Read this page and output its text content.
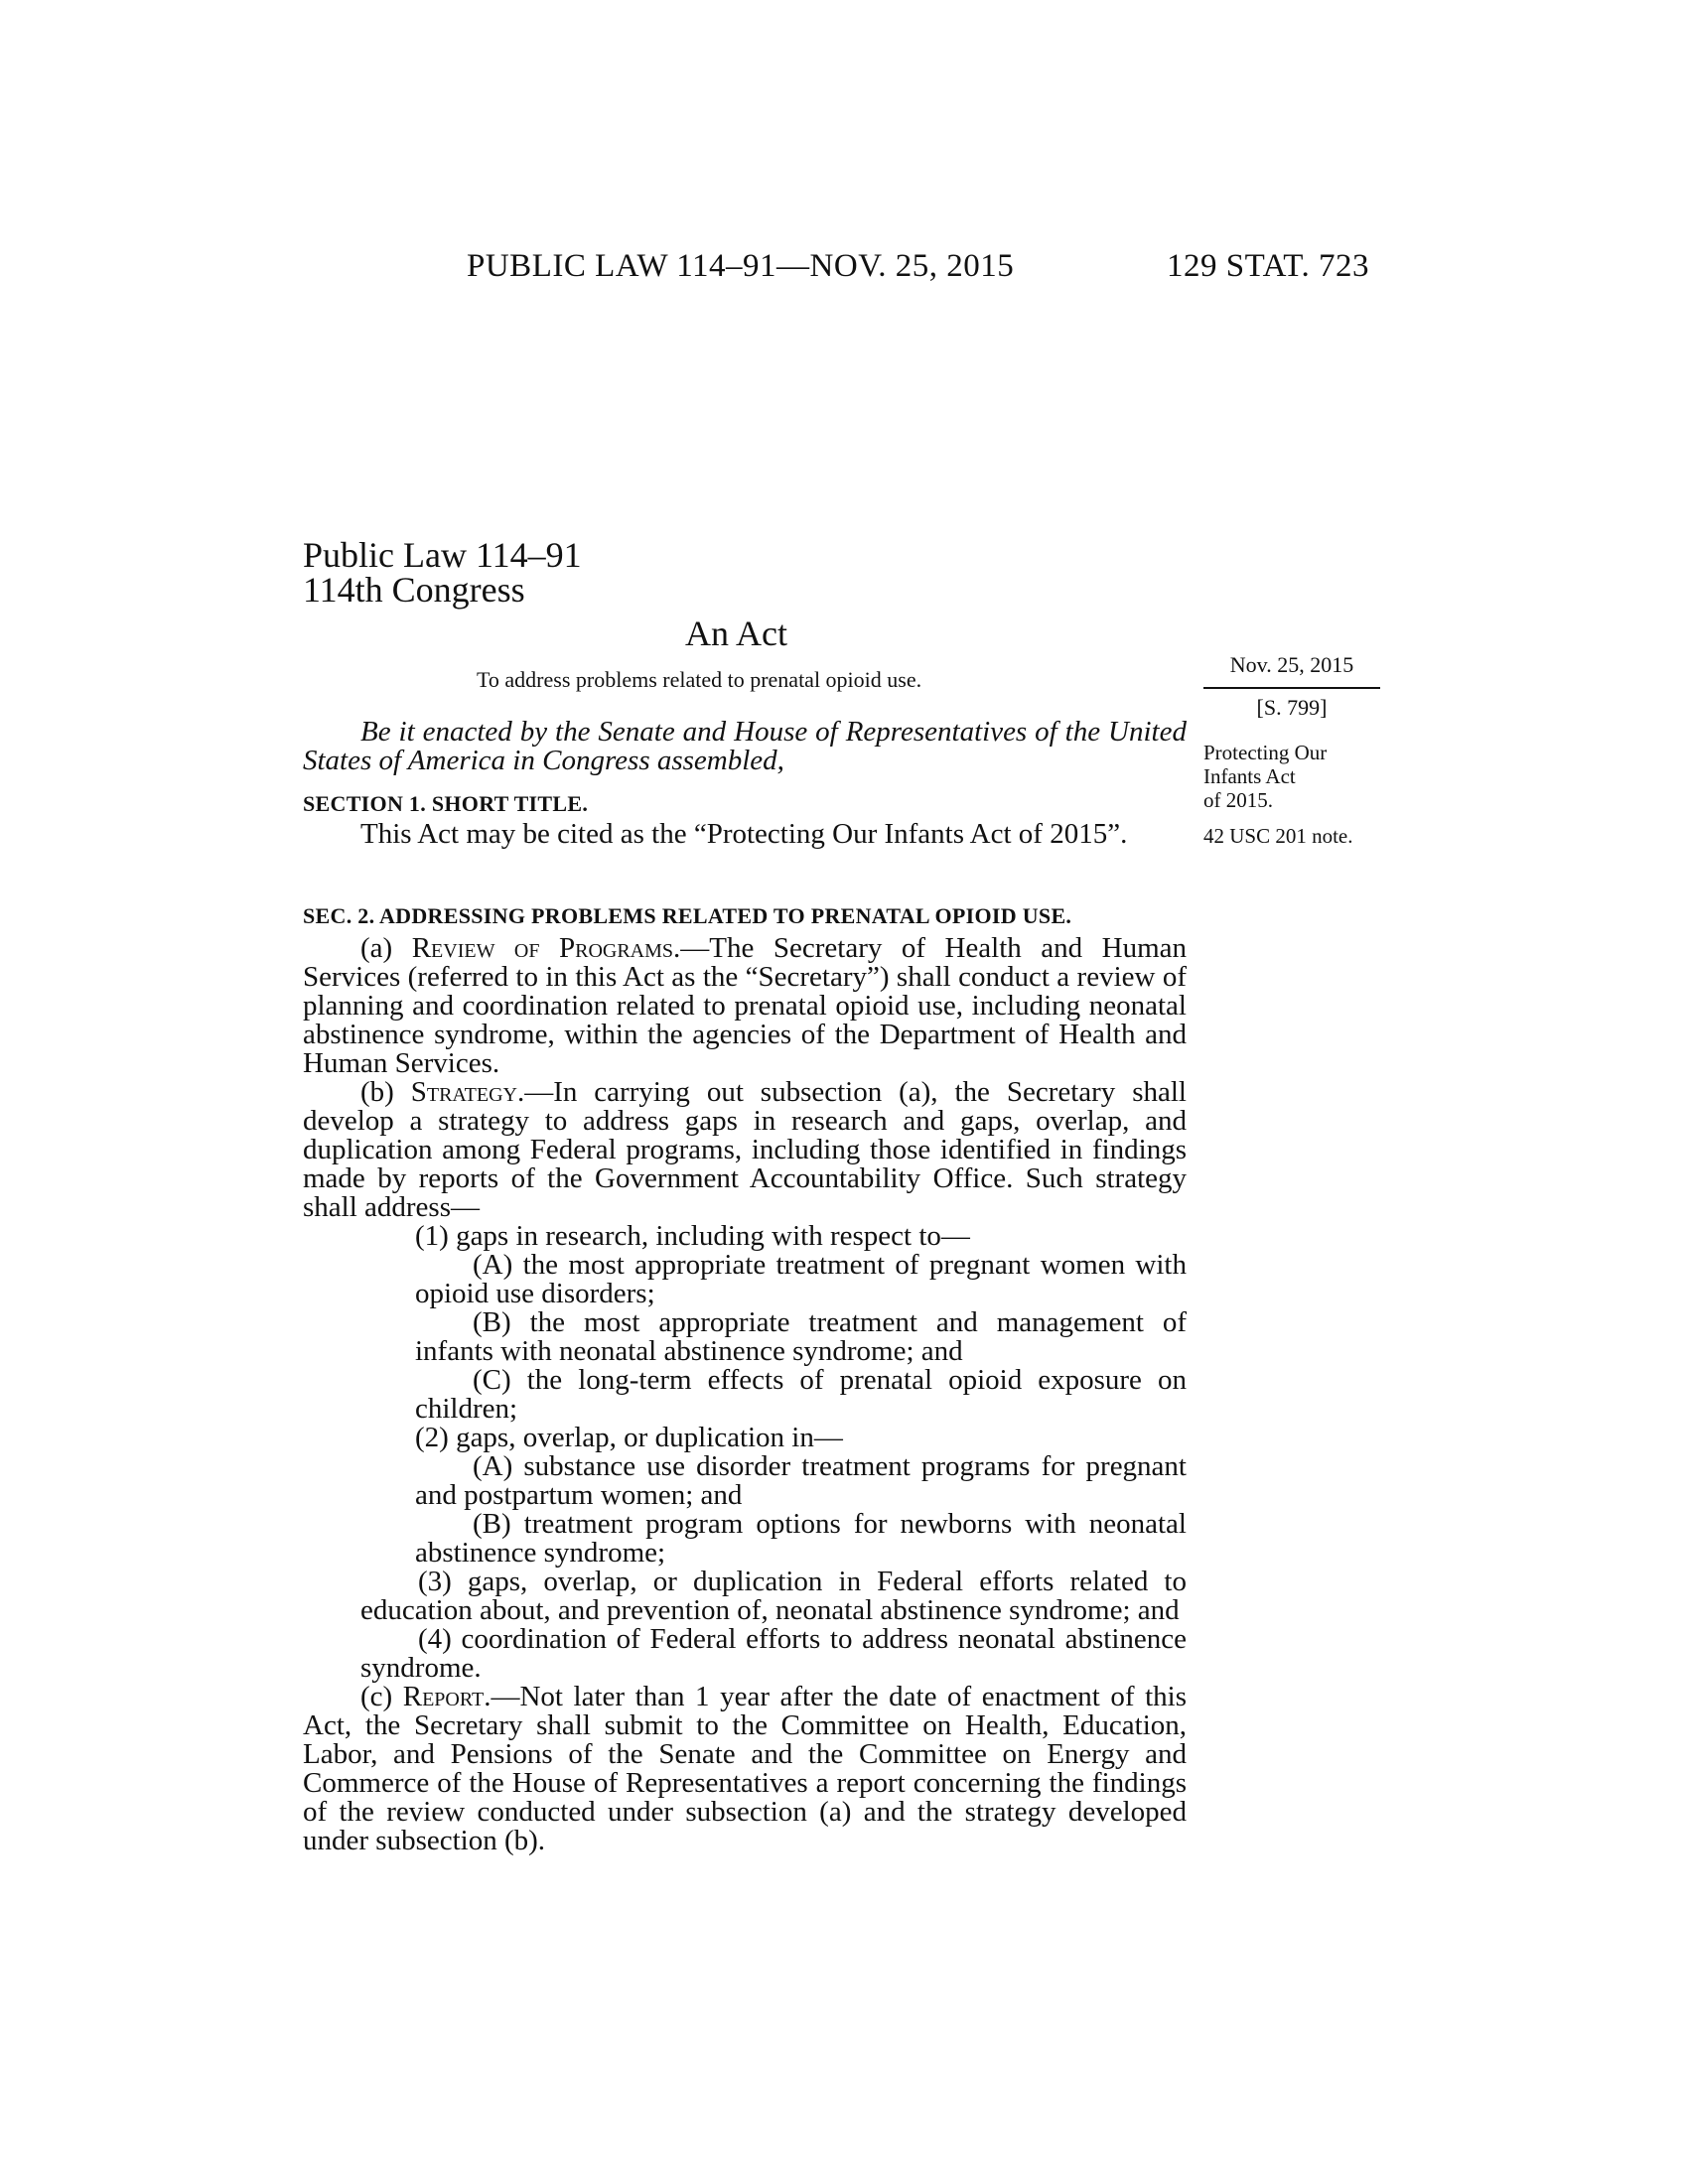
PUBLIC LAW 114–91—NOV. 25, 2015	129 STAT. 723
Public Law 114–91
114th Congress
An Act
To address problems related to prenatal opioid use.
Nov. 25, 2015
[S. 799]
Protecting Our
Infants Act
of 2015.
42 USC 201 note.

Be it enacted by the Senate and House of Representatives of the United States of America in Congress assembled,

SECTION 1. SHORT TITLE.

This Act may be cited as the “Protecting Our Infants Act of 2015”.

SEC. 2. ADDRESSING PROBLEMS RELATED TO PRENATAL OPIOID USE.

(a) Review of Programs.—The Secretary of Health and Human Services (referred to in this Act as the “Secretary”) shall conduct a review of planning and coordination related to prenatal opioid use, including neonatal abstinence syndrome, within the agencies of the Department of Health and Human Services.

(b) Strategy.—In carrying out subsection (a), the Secretary shall develop a strategy to address gaps in research and gaps, overlap, and duplication among Federal programs, including those identified in findings made by reports of the Government Accountability Office. Such strategy shall address—

(1) gaps in research, including with respect to—

(A) the most appropriate treatment of pregnant women with opioid use disorders;

(B) the most appropriate treatment and management of infants with neonatal abstinence syndrome; and

(C) the long-term effects of prenatal opioid exposure on children;

(2) gaps, overlap, or duplication in—

(A) substance use disorder treatment programs for pregnant and postpartum women; and

(B) treatment program options for newborns with neonatal abstinence syndrome;

(3) gaps, overlap, or duplication in Federal efforts related to education about, and prevention of, neonatal abstinence syndrome; and

(4) coordination of Federal efforts to address neonatal abstinence syndrome.

(c) Report.—Not later than 1 year after the date of enactment of this Act, the Secretary shall submit to the Committee on Health, Education, Labor, and Pensions of the Senate and the Committee on Energy and Commerce of the House of Representatives a report concerning the findings of the review conducted under subsection (a) and the strategy developed under subsection (b).
